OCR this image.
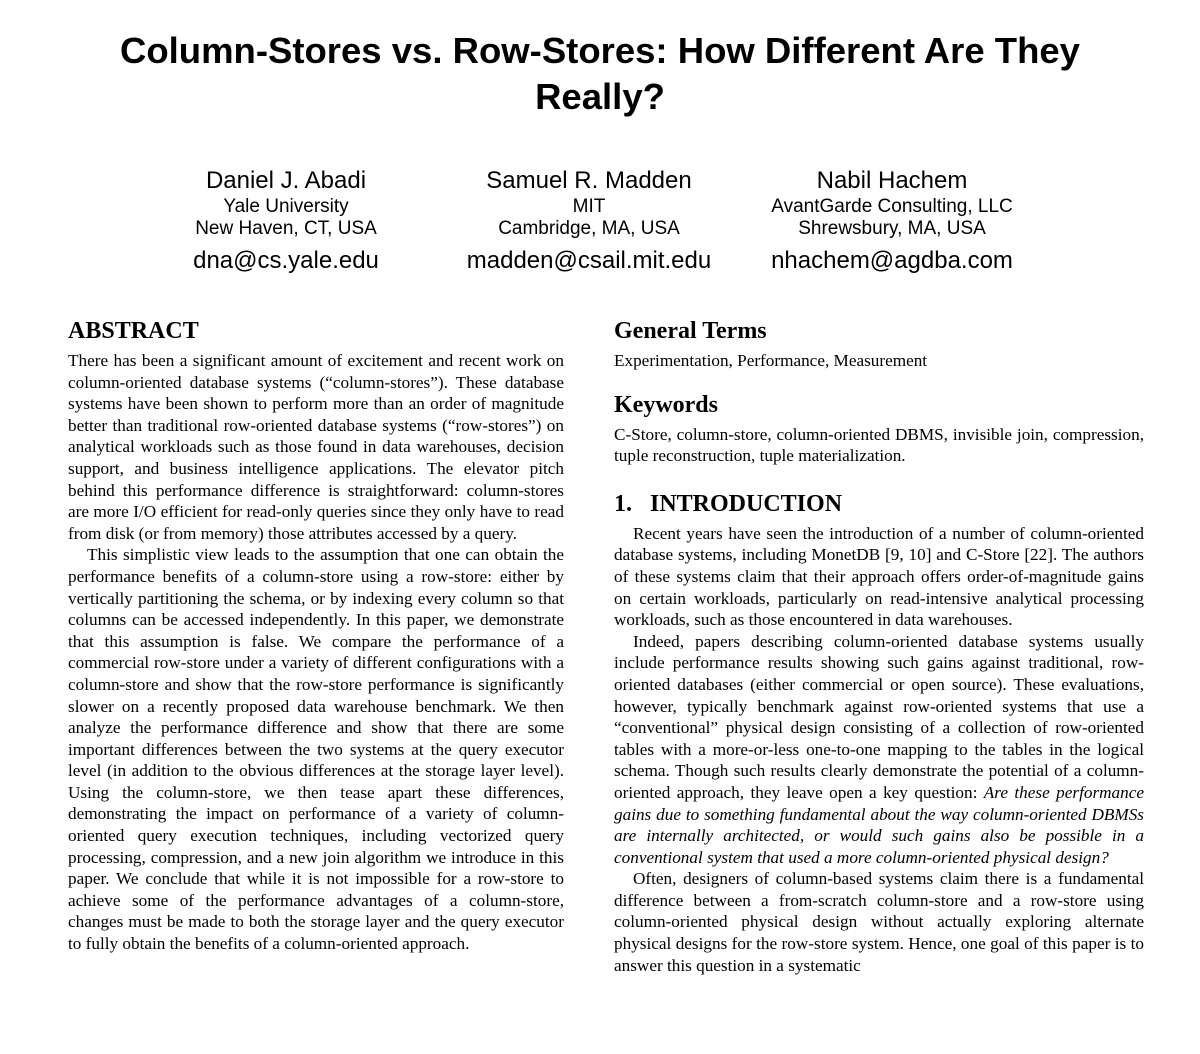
Column-Stores vs. Row-Stores: How Different Are They Really?
Daniel J. Abadi
Yale University
New Haven, CT, USA
dna@cs.yale.edu
Samuel R. Madden
MIT
Cambridge, MA, USA
madden@csail.mit.edu
Nabil Hachem
AvantGarde Consulting, LLC
Shrewsbury, MA, USA
nhachem@agdba.com
ABSTRACT

There has been a significant amount of excitement and recent work on column-oriented database systems (“column-stores”). These database systems have been shown to perform more than an order of magnitude better than traditional row-oriented database systems (“row-stores”) on analytical workloads such as those found in data warehouses, decision support, and business intelligence applications. The elevator pitch behind this performance difference is straightforward: column-stores are more I/O efficient for read-only queries since they only have to read from disk (or from memory) those attributes accessed by a query.

This simplistic view leads to the assumption that one can obtain the performance benefits of a column-store using a row-store: either by vertically partitioning the schema, or by indexing every column so that columns can be accessed independently. In this paper, we demonstrate that this assumption is false. We compare the performance of a commercial row-store under a variety of different configurations with a column-store and show that the row-store performance is significantly slower on a recently proposed data warehouse benchmark. We then analyze the performance difference and show that there are some important differences between the two systems at the query executor level (in addition to the obvious differences at the storage layer level). Using the column-store, we then tease apart these differences, demonstrating the impact on performance of a variety of column-oriented query execution techniques, including vectorized query processing, compression, and a new join algorithm we introduce in this paper. We conclude that while it is not impossible for a row-store to achieve some of the performance advantages of a column-store, changes must be made to both the storage layer and the query executor to fully obtain the benefits of a column-oriented approach.

General Terms

Experimentation, Performance, Measurement

Keywords

C-Store, column-store, column-oriented DBMS, invisible join, compression, tuple reconstruction, tuple materialization.

1. INTRODUCTION

Recent years have seen the introduction of a number of column-oriented database systems, including MonetDB [9, 10] and C-Store [22]. The authors of these systems claim that their approach offers order-of-magnitude gains on certain workloads, particularly on read-intensive analytical processing workloads, such as those encountered in data warehouses.

Indeed, papers describing column-oriented database systems usually include performance results showing such gains against traditional, row-oriented databases (either commercial or open source). These evaluations, however, typically benchmark against row-oriented systems that use a “conventional” physical design consisting of a collection of row-oriented tables with a more-or-less one-to-one mapping to the tables in the logical schema. Though such results clearly demonstrate the potential of a column-oriented approach, they leave open a key question: Are these performance gains due to something fundamental about the way column-oriented DBMSs are internally architected, or would such gains also be possible in a conventional system that used a more column-oriented physical design?

Often, designers of column-based systems claim there is a fundamental difference between a from-scratch column-store and a row-store using column-oriented physical design without actually exploring alternate physical designs for the row-store system. Hence, one goal of this paper is to answer this question in a systematic
